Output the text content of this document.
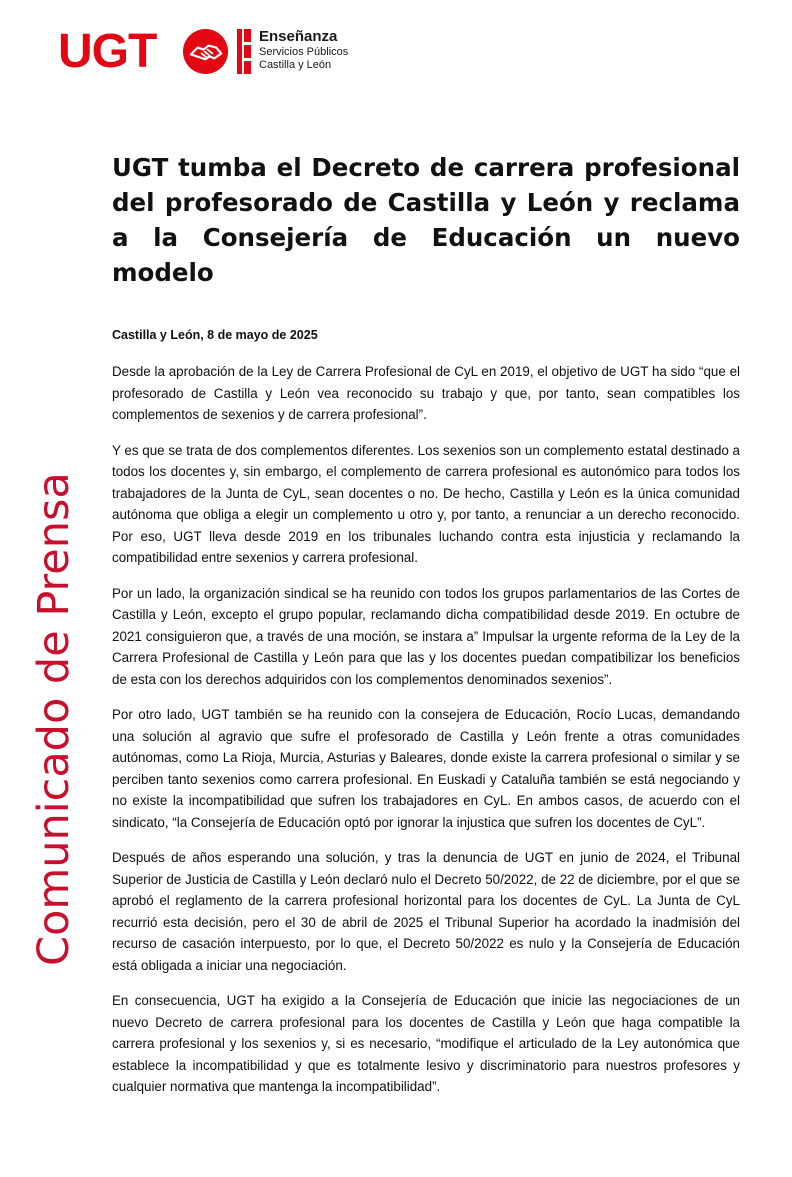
UGT	Enseñanza
Servicios Públicos
Castilla y León
Comunicado de Prensa
UGT tumba el Decreto de carrera profesional del profesorado de Castilla y León y reclama a la Consejería de Educación un nuevo modelo
Castilla y León, 8 de mayo de 2025

Desde la aprobación de la Ley de Carrera Profesional de CyL en 2019, el objetivo de UGT ha sido “que el profesorado de Castilla y León vea reconocido su trabajo y que, por tanto, sean compatibles los complementos de sexenios y de carrera profesional”.

Y es que se trata de dos complementos diferentes. Los sexenios son un complemento estatal destinado a todos los docentes y, sin embargo, el complemento de carrera profesional es autonómico para todos los trabajadores de la Junta de CyL, sean docentes o no. De hecho, Castilla y León es la única comunidad autónoma que obliga a elegir un complemento u otro y, por tanto, a renunciar a un derecho reconocido. Por eso, UGT lleva desde 2019 en los tribunales luchando contra esta injusticia y reclamando la compatibilidad entre sexenios y carrera profesional.

Por un lado, la organización sindical se ha reunido con todos los grupos parlamentarios de las Cortes de Castilla y León, excepto el grupo popular, reclamando dicha compatibilidad desde 2019. En octubre de 2021 consiguieron que, a través de una moción, se instara a” Impulsar la urgente reforma de la Ley de la Carrera Profesional de Castilla y León para que las y los docentes puedan compatibilizar los beneficios de esta con los derechos adquiridos con los complementos denominados sexenios”.

Por otro lado, UGT también se ha reunido con la consejera de Educación, Rocío Lucas, demandando una solución al agravio que sufre el profesorado de Castilla y León frente a otras comunidades autónomas, como La Rioja, Murcia, Asturias y Baleares, donde existe la carrera profesional o similar y se perciben tanto sexenios como carrera profesional. En Euskadi y Cataluña también se está negociando y no existe la incompatibilidad que sufren los trabajadores en CyL. En ambos casos, de acuerdo con el sindicato, “la Consejería de Educación optó por ignorar la injustica que sufren los docentes de CyL”.

Después de años esperando una solución, y tras la denuncia de UGT en junio de 2024, el Tribunal Superior de Justicia de Castilla y León declaró nulo el Decreto 50/2022, de 22 de diciembre, por el que se aprobó el reglamento de la carrera profesional horizontal para los docentes de CyL. La Junta de CyL recurrió esta decisión, pero el 30 de abril de 2025 el Tribunal Superior ha acordado la inadmisión del recurso de casación interpuesto, por lo que, el Decreto 50/2022 es nulo y la Consejería de Educación está obligada a iniciar una negociación.

En consecuencia, UGT ha exigido a la Consejería de Educación que inicie las negociaciones de un nuevo Decreto de carrera profesional para los docentes de Castilla y León que haga compatible la carrera profesional y los sexenios y, si es necesario, “modifique el articulado de la Ley autonómica que establece la incompatibilidad y que es totalmente lesivo y discriminatorio para nuestros profesores y cualquier normativa que mantenga la incompatibilidad”.
